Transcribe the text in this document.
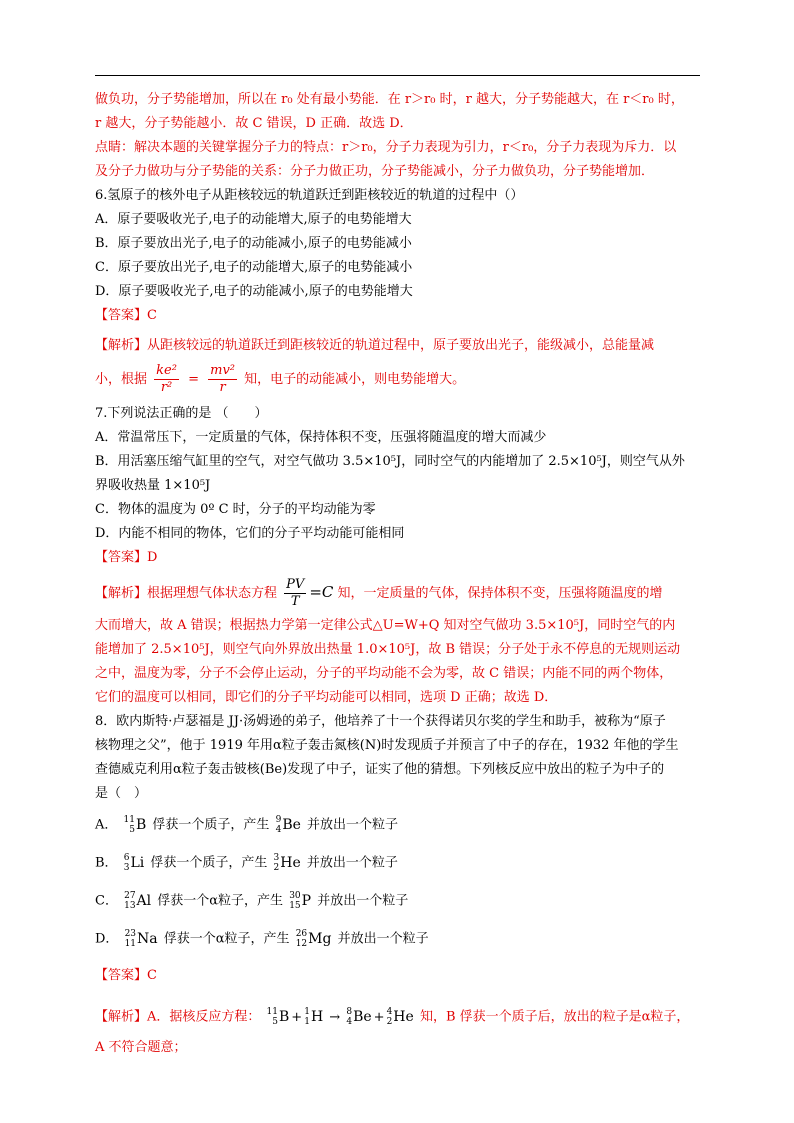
做负功，分子势能增加，所以在 r₀ 处有最小势能．在 r＞r₀ 时，r 越大，分子势能越大，在 r＜r₀ 时，
r 越大，分子势能越小．故 C 错误，D 正确．故选 D．
点睛：解决本题的关键掌握分子力的特点：r＞r₀，分子力表现为引力，r＜r₀，分子力表现为斥力．以
及分子力做功与分子势能的关系：分子力做正功，分子势能减小，分子力做负功，分子势能增加．
6.氢原子的核外电子从距核较远的轨道跃迁到距核较近的轨道的过程中（）
A．原子要吸收光子,电子的动能增大,原子的电势能增大
B．原子要放出光子,电子的动能减小,原子的电势能减小
C．原子要放出光子,电子的动能增大,原子的电势能减小
D．原子要吸收光子,电子的动能减小,原子的电势能增大
【答案】C
【解析】从距核较远的轨道跃迁到距核较近的轨道过程中，原子要放出光子，能级减小，总能量减
小，根据 $\frac{\text{ke²}}{\text{r²}} = \frac{\text{mv²}}{r}$ 知，电子的动能减小，则电势能增大。
7.下列说法正确的是 （　　）
A．常温常压下，一定质量的气体，保持体积不变，压强将随温度的增大而减少
B．用活塞压缩气缸里的空气，对空气做功 3.5×10⁵J，同时空气的内能增加了 2.5×10⁵J，则空气从外
界吸收热量 1×10⁵J
C．物体的温度为 0º C 时，分子的平均动能为零
D．内能不相同的物体，它们的分子平均动能可能相同
【答案】D
【解析】根据理想气体状态方程 $\frac{PV}{T} =C$ 知，一定质量的气体，保持体积不变，压强将随温度的增
大而增大，故 A 错误；根据热力学第一定律公式△U=W+Q 知对空气做功 3.5×10⁵J，同时空气的内
能增加了 2.5×10⁵J，则空气向外界放出热量 1.0×10⁵J，故 B 错误；分子处于永不停息的无规则运动
之中，温度为零，分子不会停止运动，分子的平均动能不会为零，故 C 错误；内能不同的两个物体，
它们的温度可以相同，即它们的分子平均动能可以相同，选项 D 正确；故选 D．
8．欧内斯特·卢瑟福是 JJ·汤姆逊的弟子，他培养了十一个获得诺贝尔奖的学生和助手，被称为“原子
核物理之父”，他于 1919 年用α粒子轰击氮核(N)时发现质子并预言了中子的存在，1932 年他的学生
查德威克利用α粒子轰击铍核(Be)发现了中子，证实了他的猜想。下列核反应中放出的粒子为中子的
是（　）
A． 11
5 B 俘获一个质子，产生 9
4 Be 并放出一个粒子
B． 6
3 Li 俘获一个质子，产生 3
2 He 并放出一个粒子
C． 27
13 Al 俘获一个α粒子，产生 30
15 P 并放出一个粒子
D． 23
11 Na 俘获一个α粒子，产生 26
12 Mg 并放出一个粒子
【答案】C
【解析】A．据核反应方程： 11
5 B + 1
1 H → 8
4 Be + 4
2 He 知，B 俘获一个质子后，放出的粒子是α粒子，
A 不符合题意；
